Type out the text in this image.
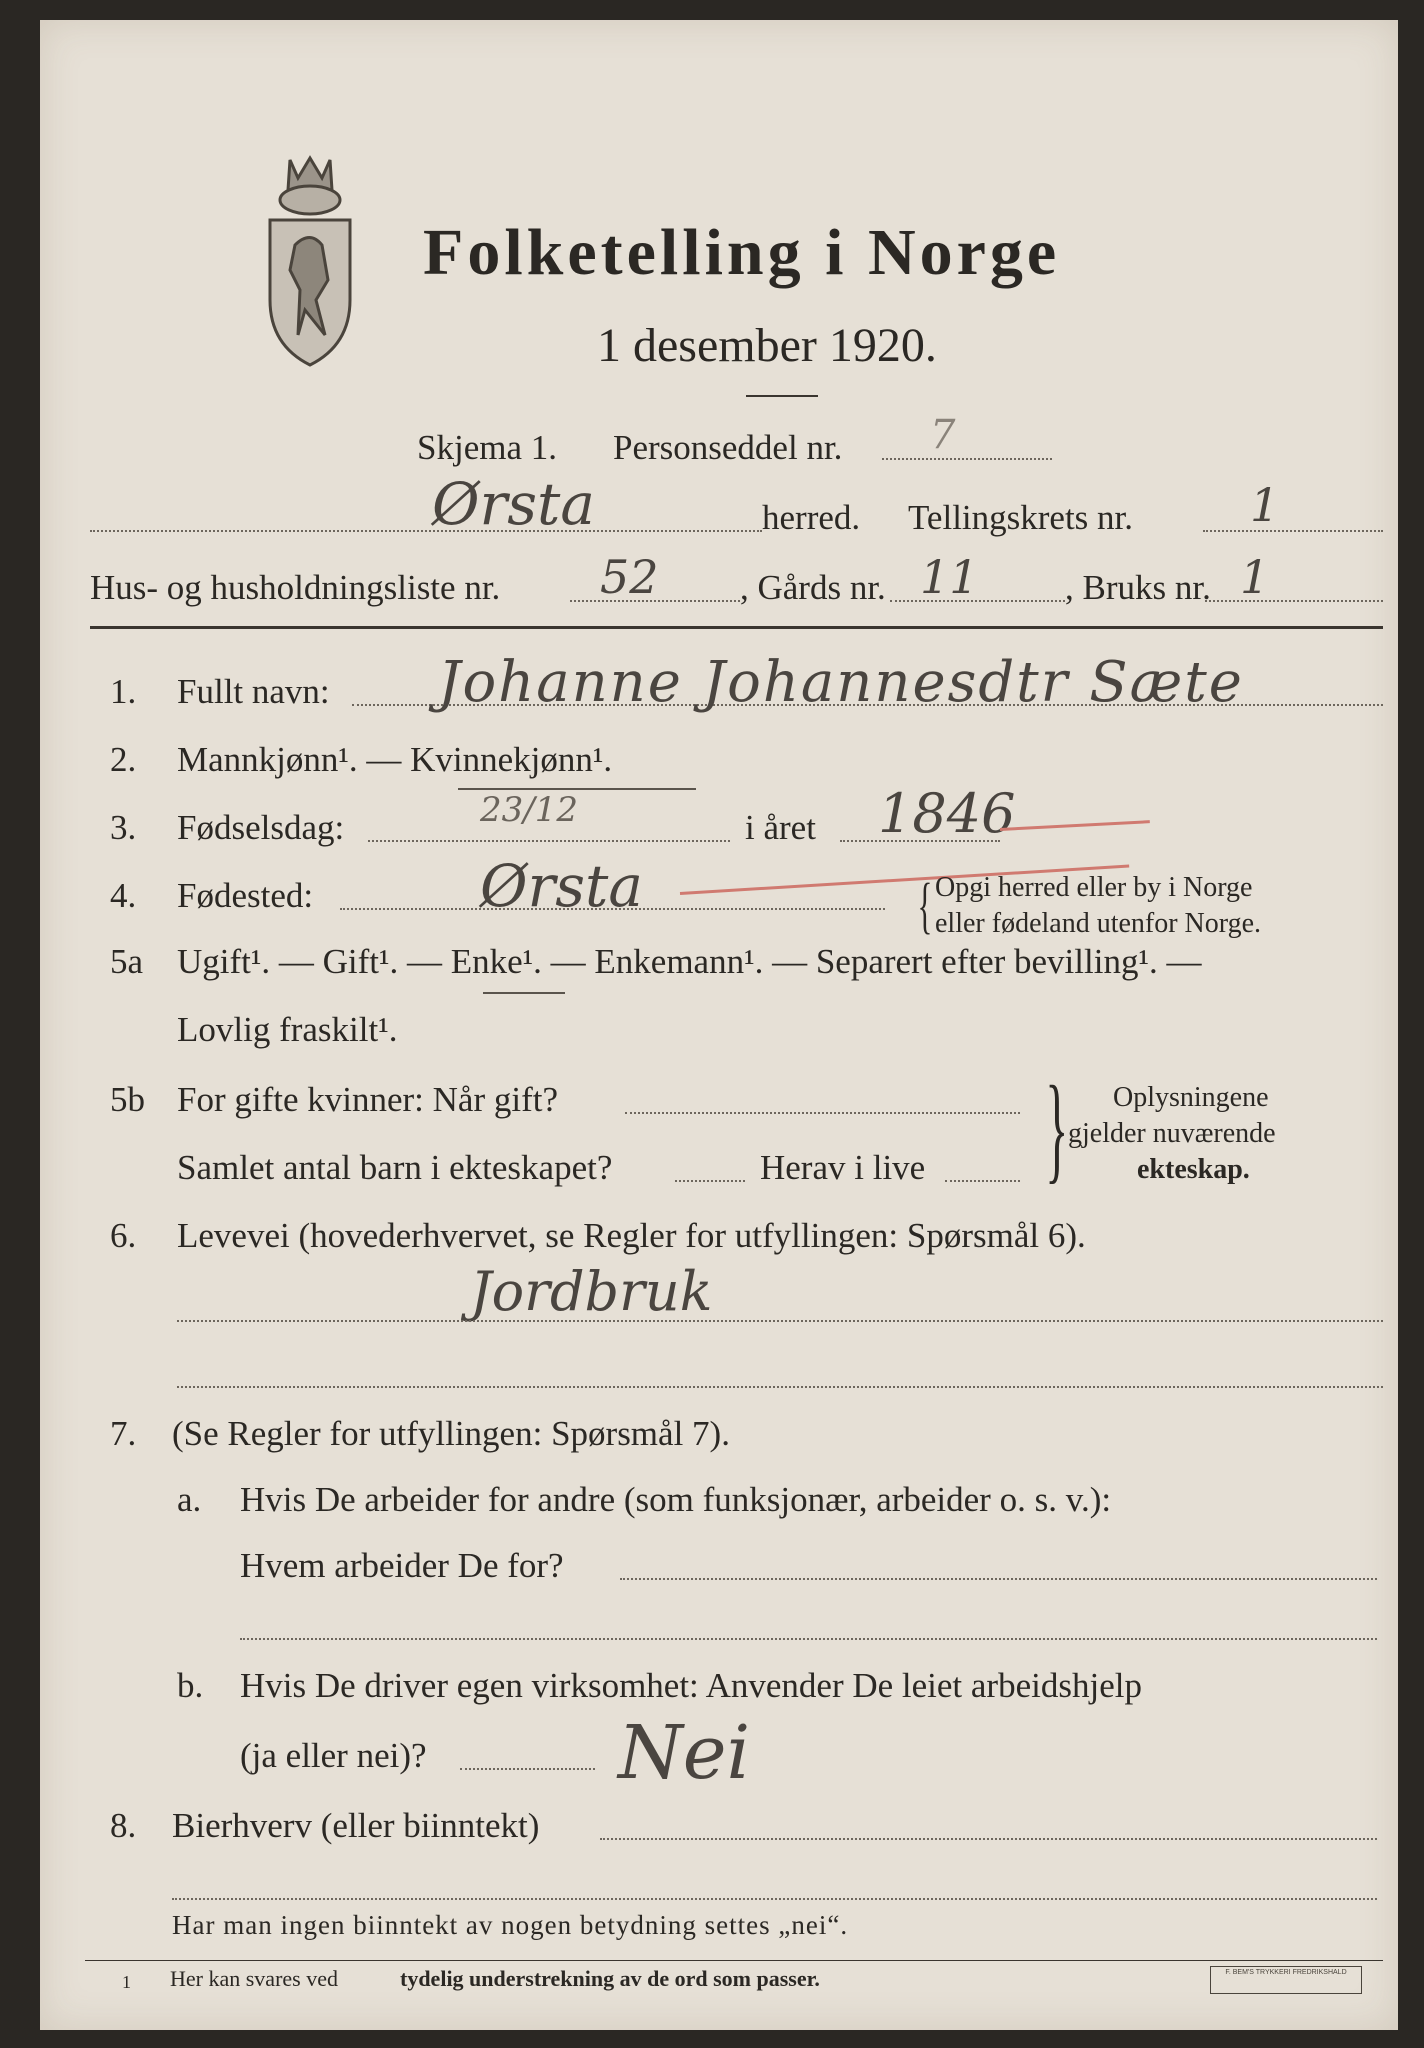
Folketelling i Norge
1 desember 1920.
Skjema 1. Personseddel nr. 7
Ørsta	herred. Tellingskrets nr.	1
Hus- og husholdningsliste nr. 52 , Gårds nr. 11 , Bruks nr. 1
1. Fullt navn: Johanne Johannesdtr Sæte
2. Mannkjønn¹. — Kvinnekjønn¹.
3. Fødselsdag:	23/12	i året 1846
4. Fødested:	Ørsta	{ Opgi herred eller by i Norge
eller fødeland utenfor Norge.
5a Ugift¹. — Gift¹. — Enke¹. — Enkemann¹. — Separert efter bevilling¹. —
Lovlig fraskilt¹.
5b For gifte kvinner: Når gift?
Samlet antal barn i ekteskapet?	Herav i live } Oplysningene
gjelder nuværende
ekteskap.
6. Levevei (hovederhvervet, se Regler for utfyllingen: Spørsmål 6).
Jordbruk
7. (Se Regler for utfyllingen: Spørsmål 7).
a. Hvis De arbeider for andre (som funksjonær, arbeider o. s. v.):
Hvem arbeider De for?
b. Hvis De driver egen virksomhet: Anvender De leiet arbeidshjelp
(ja eller nei)?	Nei
8. Bierhverv (eller biinntekt)
Har man ingen biinntekt av nogen betydning settes „nei“.
1 Her kan svares ved	tydelig understrekning av de ord som passer.	F. BEM'S TRYKKERI FREDRIKSHALD
